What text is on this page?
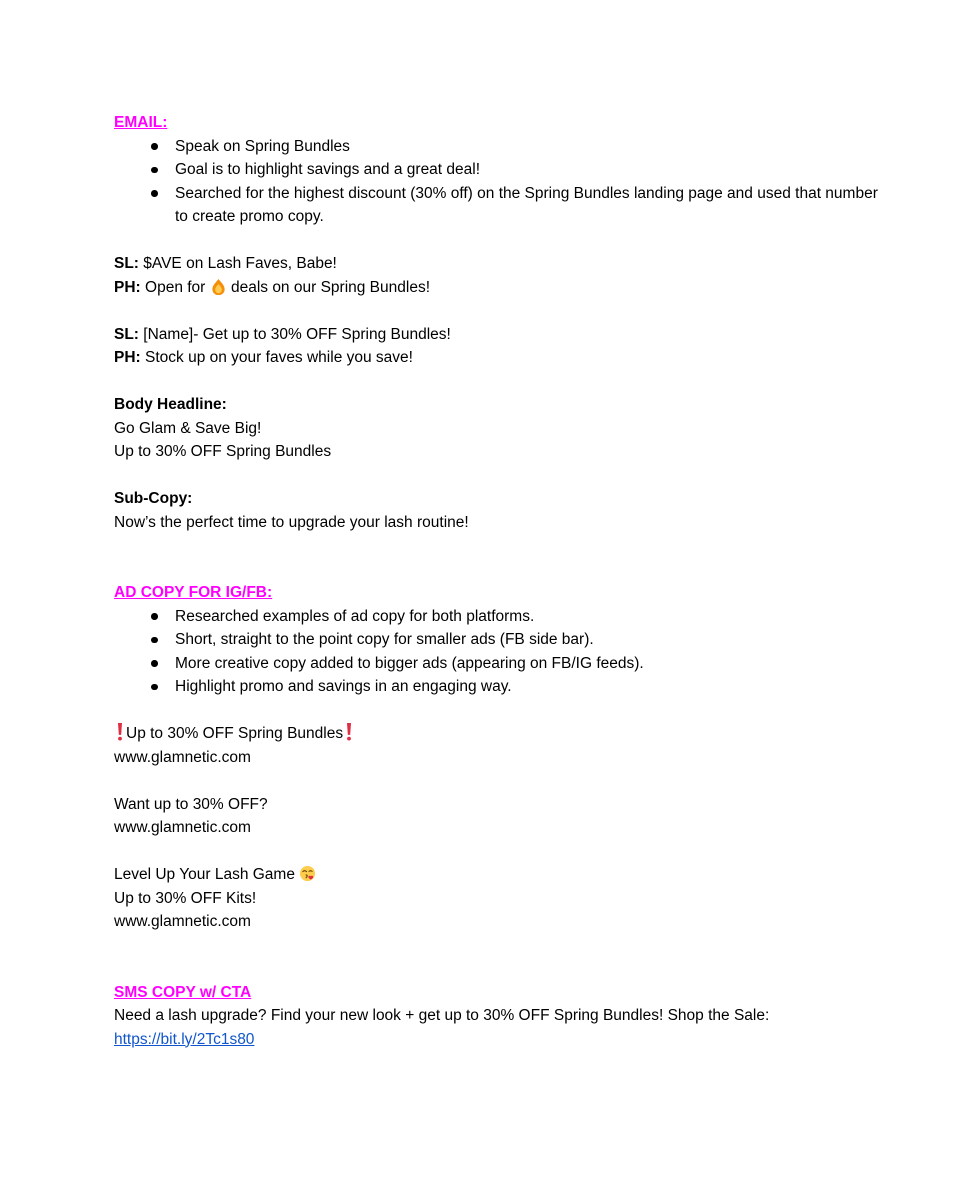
EMAIL:

Speak on Spring Bundles
Goal is to highlight savings and a great deal!
Searched for the highest discount (30% off) on the Spring Bundles landing page and used that number to create promo copy.

SL: $AVE on Lash Faves, Babe!

PH: Open for deals on our Spring Bundles!

SL: [Name]- Get up to 30% OFF Spring Bundles!

PH: Stock up on your faves while you save!

Body Headline:

Go Glam & Save Big!

Up to 30% OFF Spring Bundles

Sub-Copy:

Now’s the perfect time to upgrade your lash routine!

AD COPY FOR IG/FB:

Researched examples of ad copy for both platforms.
Short, straight to the point copy for smaller ads (FB side bar).
More creative copy added to bigger ads (appearing on FB/IG feeds).
Highlight promo and savings in an engaging way.

Up to 30% OFF Spring Bundles

www.glamnetic.com

Want up to 30% OFF?

www.glamnetic.com

Level Up Your Lash Game

Up to 30% OFF Kits!

www.glamnetic.com

SMS COPY w/ CTA

Need a lash upgrade? Find your new look + get up to 30% OFF Spring Bundles! Shop the Sale:

https://bit.ly/2Tc1s80
